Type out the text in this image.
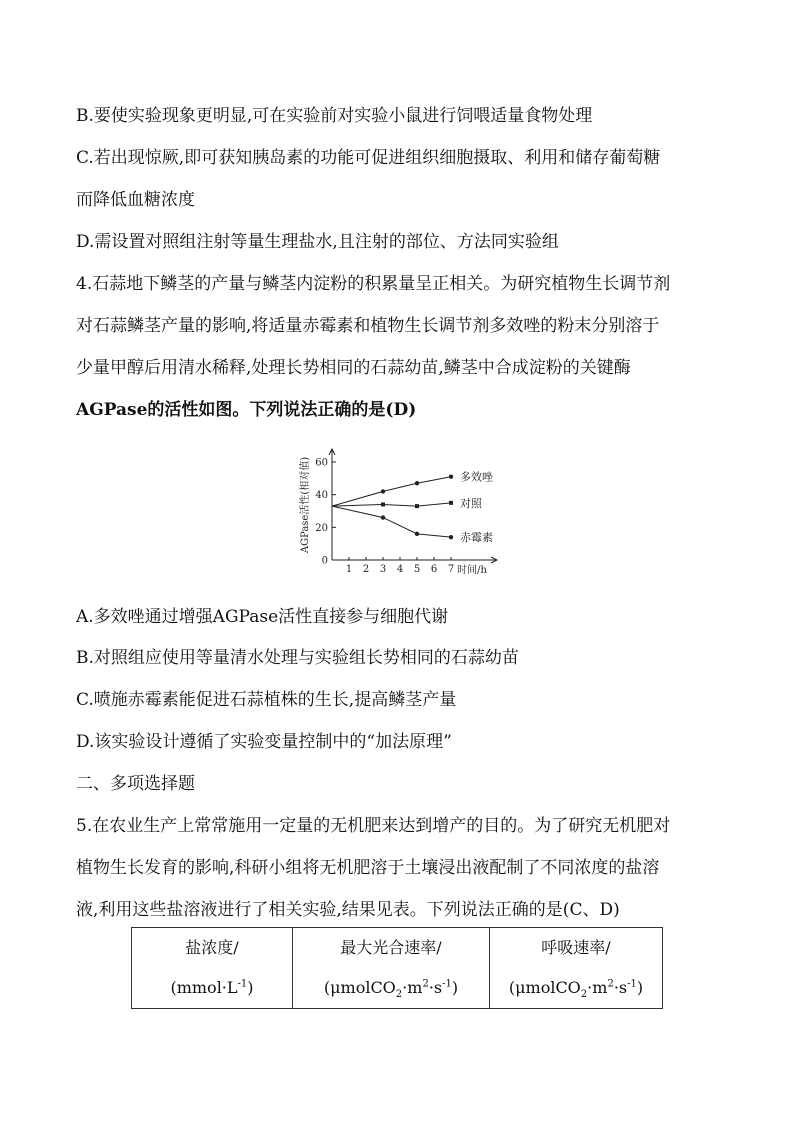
B.要使实验现象更明显,可在实验前对实验小鼠进行饲喂适量食物处理
C.若出现惊厥,即可获知胰岛素的功能可促进组织细胞摄取、利用和储存葡萄糖
而降低血糖浓度
D.需设置对照组注射等量生理盐水,且注射的部位、方法同实验组
4.石蒜地下鳞茎的产量与鳞茎内淀粉的积累量呈正相关。为研究植物生长调节剂
对石蒜鳞茎产量的影响,将适量赤霉素和植物生长调节剂多效唑的粉末分别溶于
少量甲醇后用清水稀释,处理长势相同的石蒜幼苗,鳞茎中合成淀粉的关键酶
AGPase的活性如图。下列说法正确的是(D)
0
20
40
60
1 2 3 4 5 6 7 时间/h
AGPase活性(相对值)	多效唑
对照
赤霉素
A.多效唑通过增强AGPase活性直接参与细胞代谢
B.对照组应使用等量清水处理与实验组长势相同的石蒜幼苗
C.喷施赤霉素能促进石蒜植株的生长,提高鳞茎产量
D.该实验设计遵循了实验变量控制中的“加法原理”
二、多项选择题
5.在农业生产上常常施用一定量的无机肥来达到增产的目的。为了研究无机肥对
植物生长发育的影响,科研小组将无机肥溶于土壤浸出液配制了不同浓度的盐溶
液,利用这些盐溶液进行了相关实验,结果见表。下列说法正确的是(C、D)
盐浓度/
$(mmol\cdot L^{-1})$

最大光合速率/
$(\mu molCO_2\cdot m^2\cdot s^{-1})$

呼吸速率/
$(\mu molCO_2\cdot m^2\cdot s^{-1})$
